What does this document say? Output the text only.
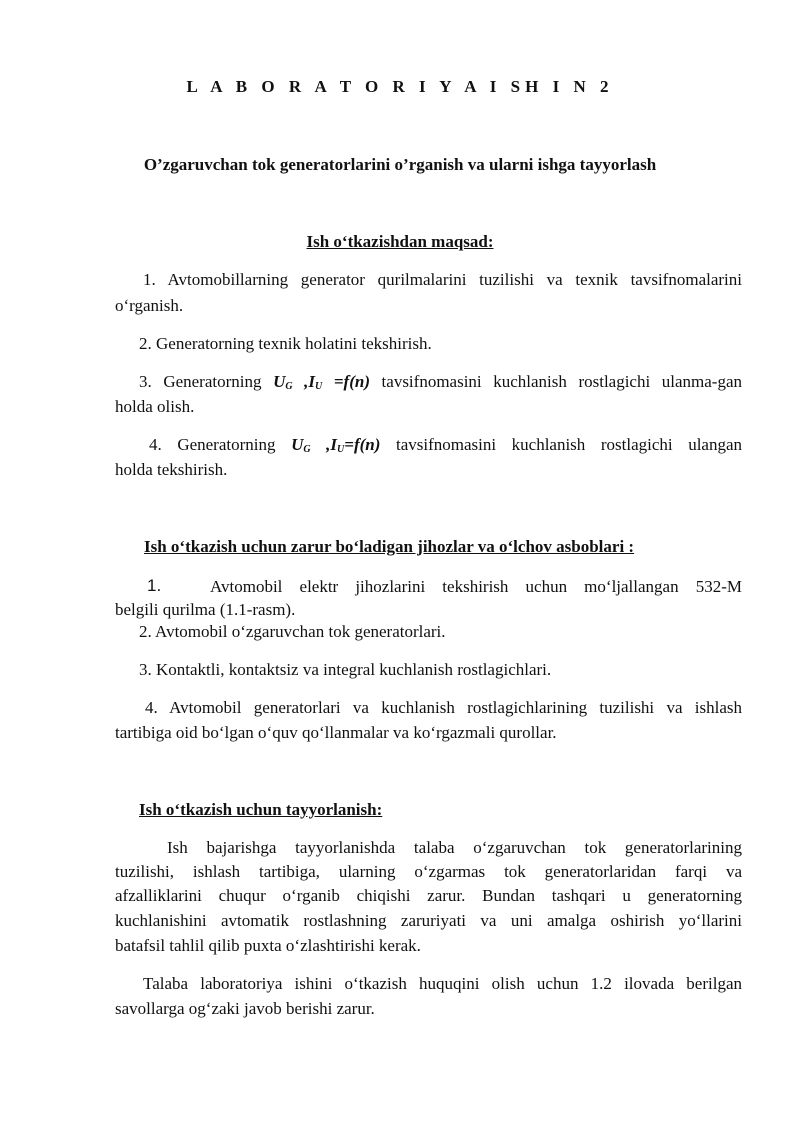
L A B O R A T O R I Y A I SH I N 2
O’zgaruvchan tok generatorlarini o’rganish va ularni ishga tayyorlash
Ish o‘tkazishdan maqsad:
1. Avtomobillarning generator qurilmalarini tuzilishi va texnik tavsifnomalarini
o‘rganish.
2. Generatorning texnik holatini tekshirish.
3. Generatorning $U_G$ $,I_U =f(n)$ tavsifnomasini kuchlanish rostlagichi ulanma-gan
holda olish.
4. Generatorning $U_G$ $,I_U=f(n)$ tavsifnomasini kuchlanish rostlagichi ulangan
holda tekshirish.
Ish o‘tkazish uchun zarur bo‘ladigan jihozlar va o‘lchov asboblari :
1.	Avtomobil elektr jihozlarini tekshirish uchun mo‘ljallangan 532-M
belgili qurilma (1.1-rasm).
2. Avtomobil o‘zgaruvchan tok generatorlari.
3. Kontaktli, kontaktsiz va integral kuchlanish rostlagichlari.
4. Avtomobil generatorlari va kuchlanish rostlagichlarining tuzilishi va ishlash
tartibiga oid bo‘lgan o‘quv qo‘llanmalar va ko‘rgazmali qurollar.
Ish o‘tkazish uchun tayyorlanish:
Ish bajarishga tayyorlanishda talaba o‘zgaruvchan tok generatorlarining
tuzilishi, ishlash tartibiga, ularning o‘zgarmas tok generatorlaridan farqi va
afzalliklarini chuqur o‘rganib chiqishi zarur. Bundan tashqari u generatorning
kuchlanishini avtomatik rostlashning zaruriyati va uni amalga oshirish yo‘llarini
batafsil tahlil qilib puxta o‘zlashtirishi kerak.
Talaba laboratoriya ishini o‘tkazish huquqini olish uchun 1.2 ilovada berilgan
savollarga og‘zaki javob berishi zarur.
